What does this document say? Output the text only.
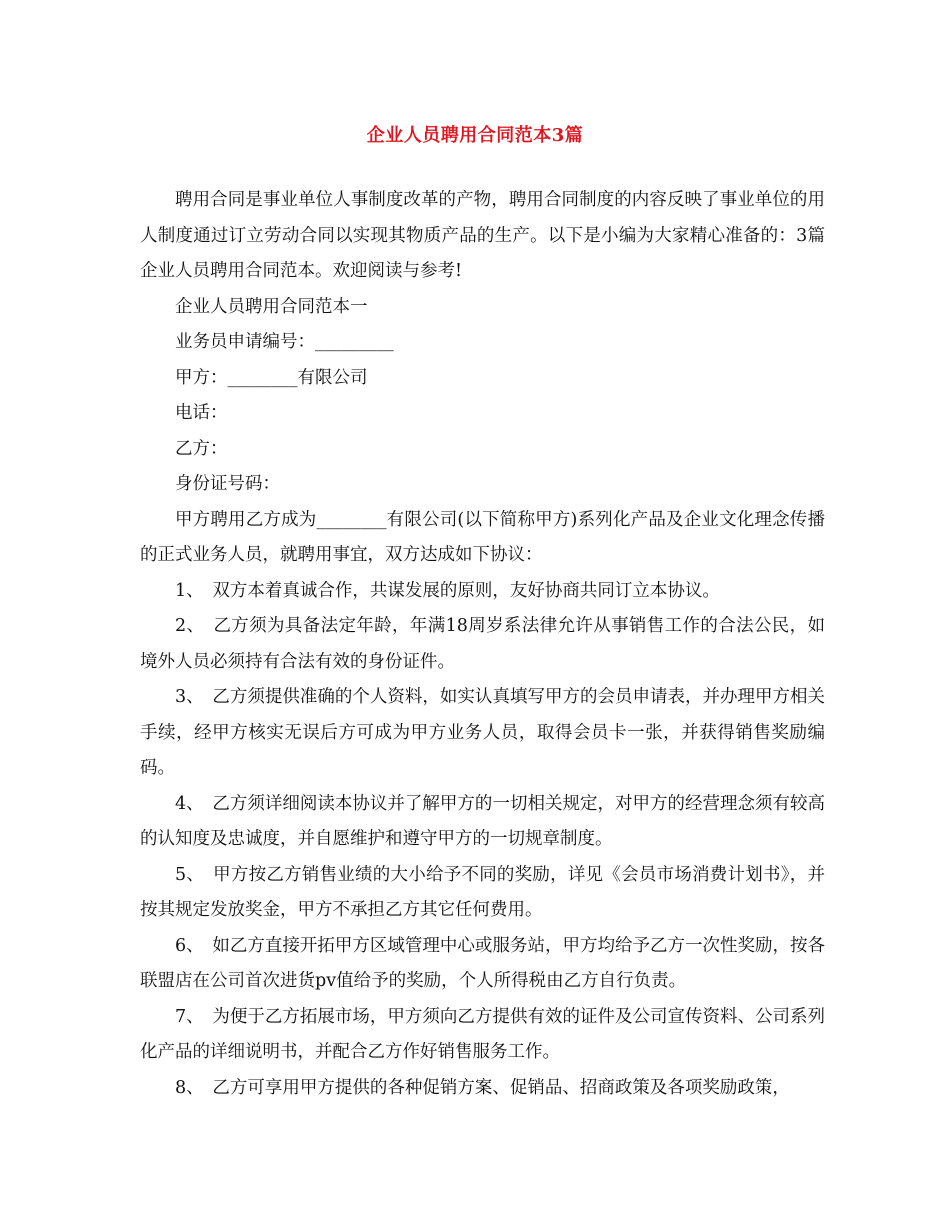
企业人员聘用合同范本3篇

聘用合同是事业单位人事制度改革的产物，聘用合同制度的内容反映了事业单位的用人制度通过订立劳动合同以实现其物质产品的生产。以下是小编为大家精心准备的：3篇企业人员聘用合同范本。欢迎阅读与参考!

企业人员聘用合同范本一

业务员申请编号：_________

甲方：________有限公司

电话：

乙方：

身份证号码：

甲方聘用乙方成为________有限公司(以下简称甲方)系列化产品及企业文化理念传播的正式业务人员，就聘用事宜，双方达成如下协议：

1、　双方本着真诚合作，共谋发展的原则，友好协商共同订立本协议。

2、　乙方须为具备法定年龄，年满18周岁系法律允许从事销售工作的合法公民，如境外人员必须持有合法有效的身份证件。

3、　乙方须提供准确的个人资料，如实认真填写甲方的会员申请表，并办理甲方相关手续，经甲方核实无误后方可成为甲方业务人员，取得会员卡一张，并获得销售奖励编码。

4、　乙方须详细阅读本协议并了解甲方的一切相关规定，对甲方的经营理念须有较高的认知度及忠诚度，并自愿维护和遵守甲方的一切规章制度。

5、　甲方按乙方销售业绩的大小给予不同的奖励，详见《会员市场消费计划书》，并按其规定发放奖金，甲方不承担乙方其它任何费用。

6、　如乙方直接开拓甲方区域管理中心或服务站，甲方均给予乙方一次性奖励，按各联盟店在公司首次进货pv值给予的奖励，个人所得税由乙方自行负责。

7、　为便于乙方拓展市场，甲方须向乙方提供有效的证件及公司宣传资料、公司系列化产品的详细说明书，并配合乙方作好销售服务工作。

8、　乙方可享用甲方提供的各种促销方案、促销品、招商政策及各项奖励政策，
